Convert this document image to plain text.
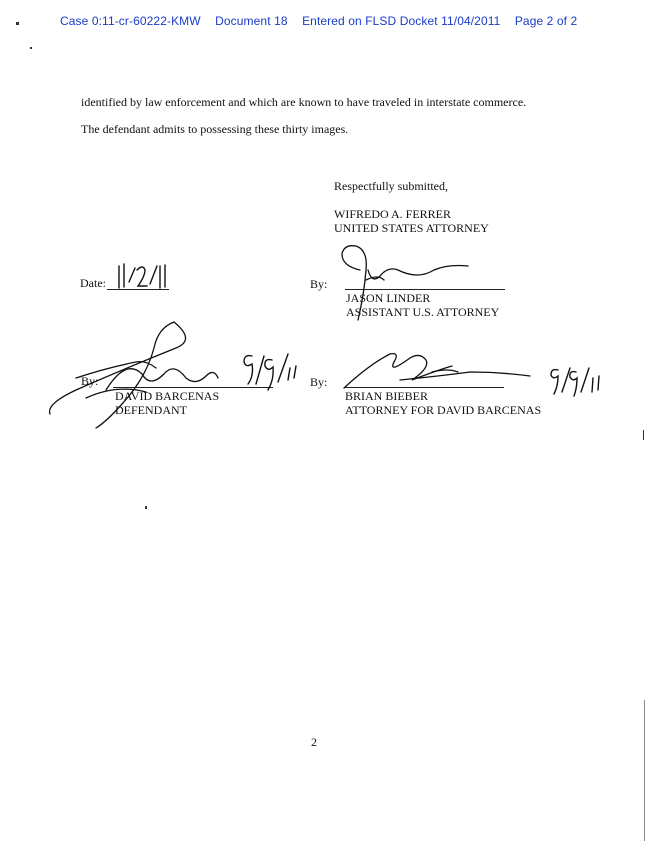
Case 0:11-cr-60222-KMW Document 18 Entered on FLSD Docket 11/04/2011 Page 2 of 2
identified by law enforcement and which are known to have traveled in interstate commerce.
The defendant admits to possessing these thirty images.
Respectfully submitted,
WIFREDO A. FERRER
UNITED STATES ATTORNEY
Date:	By:
JASON LINDER
ASSISTANT U.S. ATTORNEY
By:
DAVID BARCENAS
DEFENDANT
By:
BRIAN BIEBER
ATTORNEY FOR DAVID BARCENAS
2
